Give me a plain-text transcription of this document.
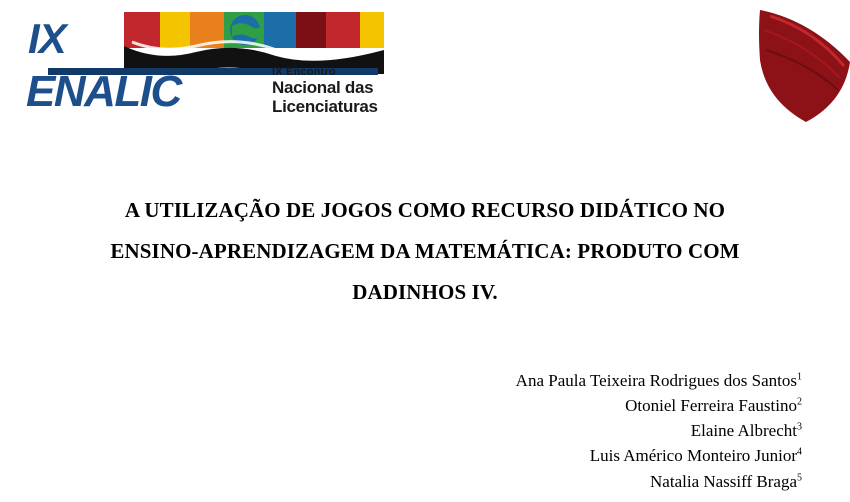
IX
ENALIC	IX Encontro
Nacional das
Licenciaturas
A UTILIZAÇÃO DE JOGOS COMO RECURSO DIDÁTICO NO
ENSINO-APRENDIZAGEM DA MATEMÁTICA: PRODUTO COM
DADINHOS IV.
Ana Paula Teixeira Rodrigues dos Santos$^1$
Otoniel Ferreira Faustino$^2$
Elaine Albrecht$^3$
Luis Américo Monteiro Junior$^4$
Natalia Nassiff Braga$^5$
